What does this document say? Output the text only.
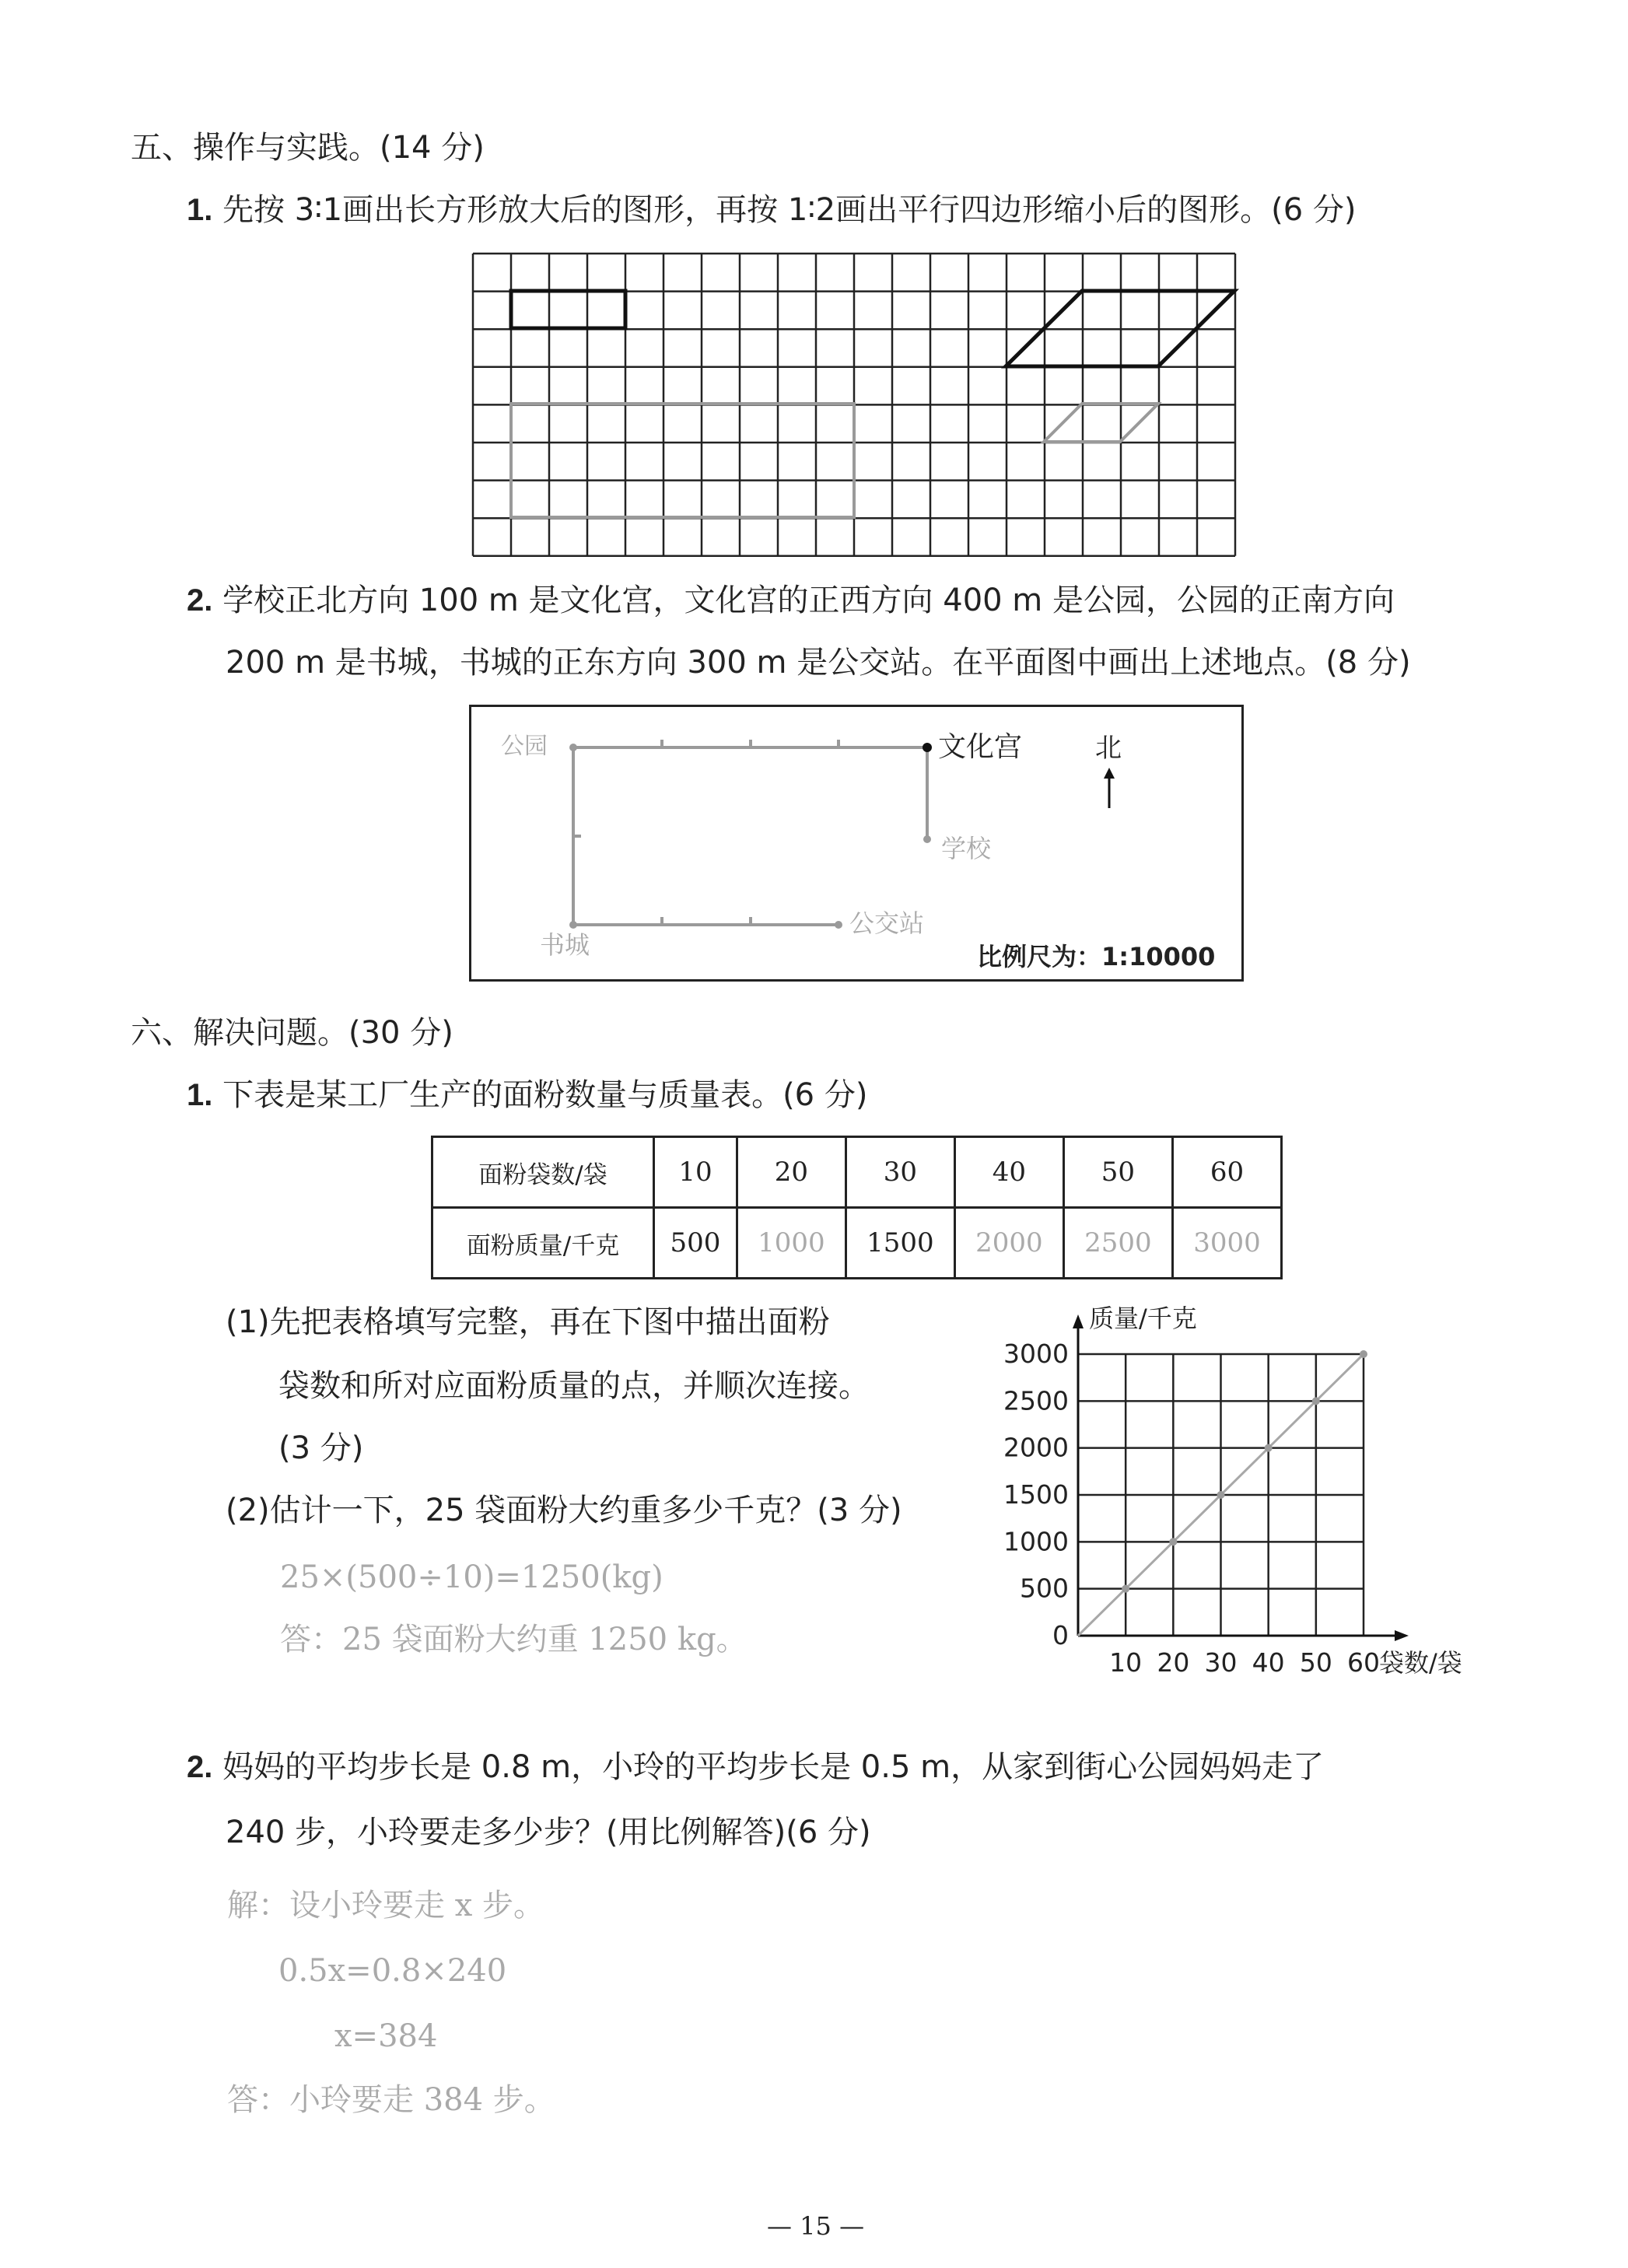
五、操作与实践。(14 分)
1. 先按 3∶1画出长方形放大后的图形，再按 1∶2画出平行四边形缩小后的图形。(6 分)
2. 学校正北方向 100 m 是文化宫，文化宫的正西方向 400 m 是公园，公园的正南方向
200 m 是书城，书城的正东方向 300 m 是公交站。在平面图中画出上述地点。(8 分)
公园	文化宫
学校
书城
公交站
北
比例尺为：1:10000
六、解决问题。(30 分)
1. 下表是某工厂生产的面粉数量与质量表。(6 分)
面粉袋数/袋	10	20	30	40	50	60
面粉质量/千克	500	1000	1500	2000	2500	3000
(1)先把表格填写完整，再在下图中描出面粉
袋数和所对应面粉质量的点，并顺次连接。
(3 分)
(2)估计一下，25 袋面粉大约重多少千克？(3 分)
25×(500÷10)=1250(kg)
答：25 袋面粉大约重 1250 kg。	0
500
1000
1500
2000
2500
3000
10 20 30 40 50 60
质量/千克
袋数/袋
2. 妈妈的平均步长是 0.8 m，小玲的平均步长是 0.5 m，从家到街心公园妈妈走了
240 步，小玲要走多少步？(用比例解答)(6 分)
解：设小玲要走 x 步。
0.5x=0.8×240
x=384
答：小玲要走 384 步。
— 15 —
